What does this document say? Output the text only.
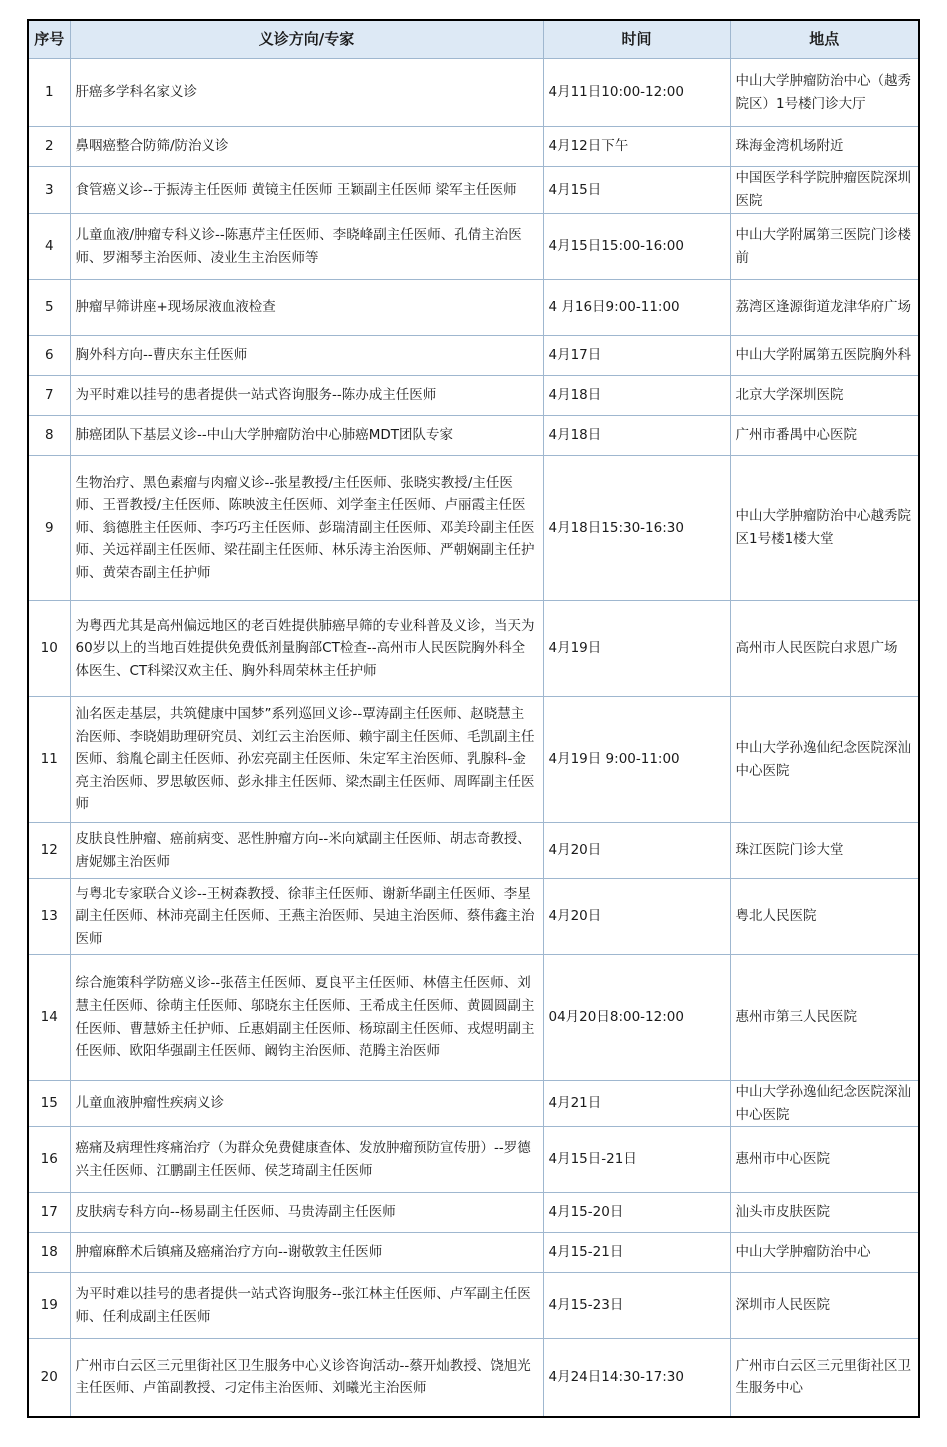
序号	义诊方向/专家	时间	地点
1	肝癌多学科名家义诊	4月11日10:00-12:00	中山大学肿瘤防治中心（越秀院区）1号楼门诊大厅
2	鼻咽癌整合防筛/防治义诊	4月12日下午	珠海金湾机场附近
3	食管癌义诊--于振涛主任医师 黄镜主任医师 王颖副主任医师 梁军主任医师	4月15日	中国医学科学院肿瘤医院深圳医院
4	儿童血液/肿瘤专科义诊--陈惠芹主任医师、李晓峰副主任医师、孔倩主治医师、罗湘琴主治医师、凌业生主治医师等	4月15日15:00-16:00	中山大学附属第三医院门诊楼前
5	肿瘤早筛讲座+现场尿液血液检查	4 月16日9:00-11:00	荔湾区逢源街道龙津华府广场
6	胸外科方向--曹庆东主任医师	4月17日	中山大学附属第五医院胸外科
7	为平时难以挂号的患者提供一站式咨询服务--陈办成主任医师	4月18日	北京大学深圳医院
8	肺癌团队下基层义诊--中山大学肿瘤防治中心肺癌MDT团队专家	4月18日	广州市番禺中心医院
9	生物治疗、黑色素瘤与肉瘤义诊--张星教授/主任医师、张晓实教授/主任医师、王晋教授/主任医师、陈映波主任医师、刘学奎主任医师、卢丽霞主任医师、翁德胜主任医师、李巧巧主任医师、彭瑞清副主任医师、邓美玲副主任医师、关远祥副主任医师、梁茌副主任医师、林乐涛主治医师、严朝娴副主任护师、黄荣杏副主任护师	4月18日15:30-16:30	中山大学肿瘤防治中心越秀院区1号楼1楼大堂
10	为粤西尤其是高州偏远地区的老百姓提供肺癌早筛的专业科普及义诊，当天为60岁以上的当地百姓提供免费低剂量胸部CT检查--高州市人民医院胸外科全体医生、CT科梁汉欢主任、胸外科周荣林主任护师	4月19日	高州市人民医院白求恩广场
11	汕名医走基层，共筑健康中国梦”系列巡回义诊--覃涛副主任医师、赵晓慧主治医师、李晓娟助理研究员、刘红云主治医师、赖宇副主任医师、毛凯副主任医师、翁胤仑副主任医师、孙宏亮副主任医师、朱定军主治医师、乳腺科-金亮主治医师、罗思敏医师、彭永排主任医师、梁杰副主任医师、周晖副主任医师	4月19日 9:00-11:00	中山大学孙逸仙纪念医院深汕中心医院
12	皮肤良性肿瘤、癌前病变、恶性肿瘤方向--米向斌副主任医师、胡志奇教授、唐妮娜主治医师	4月20日	珠江医院门诊大堂
13	与粤北专家联合义诊--王树森教授、徐菲主任医师、谢新华副主任医师、李星副主任医师、林沛亮副主任医师、王燕主治医师、吴迪主治医师、蔡伟鑫主治医师	4月20日	粤北人民医院
14	综合施策科学防癌义诊--张蓓主任医师、夏良平主任医师、林僖主任医师、刘慧主任医师、徐萌主任医师、邬晓东主任医师、王希成主任医师、黄圆圆副主任医师、曹慧娇主任护师、丘惠娟副主任医师、杨琼副主任医师、戎煜明副主任医师、欧阳华强副主任医师、阚钧主治医师、范腾主治医师	04月20日8:00-12:00	惠州市第三人民医院
15	儿童血液肿瘤性疾病义诊	4月21日	中山大学孙逸仙纪念医院深汕中心医院
16	癌痛及病理性疼痛治疗（为群众免费健康查体、发放肿瘤预防宣传册）--罗德兴主任医师、江鹏副主任医师、侯芝琦副主任医师	4月15日-21日	惠州市中心医院
17	皮肤病专科方向--杨易副主任医师、马贵涛副主任医师	4月15-20日	汕头市皮肤医院
18	肿瘤麻醉术后镇痛及癌痛治疗方向--谢敬敦主任医师	4月15-21日	中山大学肿瘤防治中心
19	为平时难以挂号的患者提供一站式咨询服务--张江林主任医师、卢军副主任医师、任利成副主任医师	4月15-23日	深圳市人民医院
20	广州市白云区三元里街社区卫生服务中心义诊咨询活动--蔡开灿教授、饶旭光主任医师、卢笛副教授、刁定伟主治医师、刘曦光主治医师	4月24日14:30-17:30	广州市白云区三元里街社区卫生服务中心
